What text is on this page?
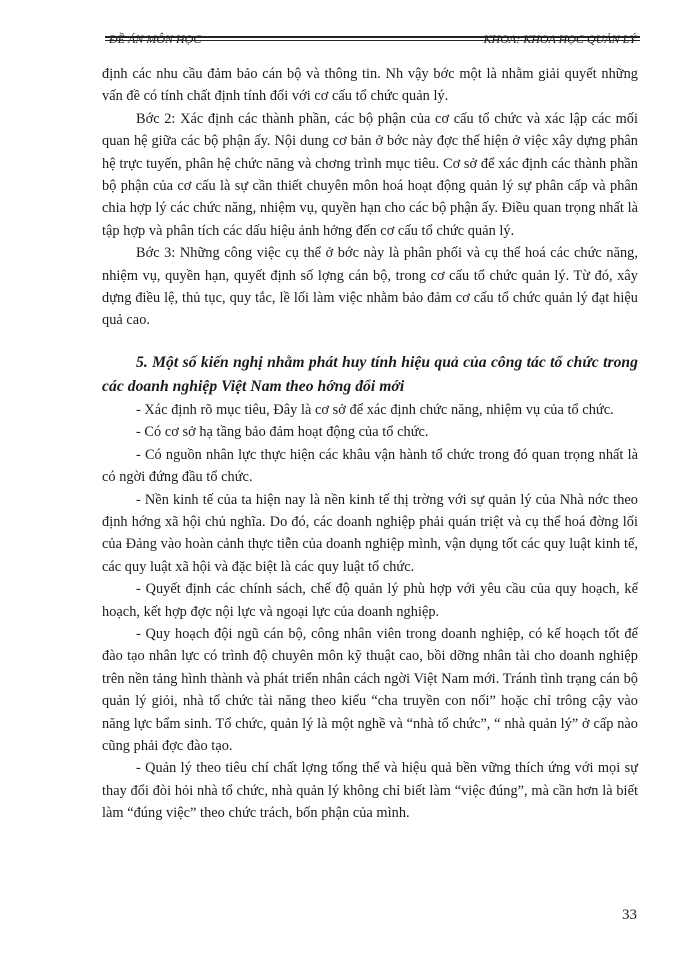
ĐỀ ÁN MÔN HỌC	KHOA: KHOA HỌC QUẢN LÝ

định các nhu cầu đảm bảo cán bộ và thông tin. Nh vậy bớc một là nhằm giải quyết những vấn đề có tính chất định tính đối với cơ cấu tổ chức quản lý.

Bớc 2: Xác định các thành phần, các bộ phận của cơ cấu tổ chức và xác lập các mối quan hệ giữa các bộ phận ấy. Nội dung cơ bản ở bớc này đợc thể hiện ở việc xây dựng phân hệ trực tuyến, phân hệ chức năng và chơng trình mục tiêu. Cơ sở để xác định các thành phần bộ phận của cơ cấu là sự cần thiết chuyên môn hoá hoạt động quản lý sự phân cấp và phân chia hợp lý các chức năng, nhiệm vụ, quyền hạn cho các bộ phận ấy. Điều quan trọng nhất là tập hợp và phân tích các dấu hiệu ảnh hởng đến cơ cấu tổ chức quản lý.

Bớc 3: Những công việc cụ thể ở bớc này là phân phối và cụ thể hoá các chức năng, nhiệm vụ, quyền hạn, quyết định số lợng cán bộ, trong cơ cấu tổ chức quản lý. Từ đó, xây dựng điều lệ, thủ tục, quy tắc, lề lối làm việc nhằm bảo đảm cơ cấu tổ chức quản lý đạt hiệu quả cao.

5. Một số kiến nghị nhằm phát huy tính hiệu quả của công tác tổ chức trong các doanh nghiệp Việt Nam theo hớng đổi mới

- Xác định rõ mục tiêu, Đây là cơ sở để xác định chức năng, nhiệm vụ của tổ chức.

- Có cơ sở hạ tầng bảo đảm hoạt động của tổ chức.

- Có nguồn nhân lực thực hiện các khâu vận hành tổ chức trong đó quan trọng nhất là có ngời đứng đầu tổ chức.

- Nền kinh tế của ta hiện nay là nền kinh tế thị trờng với sự quản lý của Nhà nớc theo định hớng xã hội chủ nghĩa. Do đó, các doanh nghiệp phải quán triệt và cụ thể hoá đờng lối của Đảng vào hoàn cảnh thực tiễn của doanh nghiệp mình, vận dụng tốt các quy luật kinh tế, các quy luật xã hội và đặc biệt là các quy luật tổ chức.

- Quyết định các chính sách, chế độ quản lý phù hợp với yêu cầu của quy hoạch, kế hoạch, kết hợp đợc nội lực và ngoại lực của doanh nghiệp.

- Quy hoạch đội ngũ cán bộ, công nhân viên trong doanh nghiệp, có kế hoạch tốt để đào tạo nhân lực có trình độ chuyên môn kỹ thuật cao, bồi dỡng nhân tài cho doanh nghiệp trên nền tảng hình thành và phát triển nhân cách ngời Việt Nam mới. Tránh tình trạng cán bộ quản lý giỏi, nhà tổ chức tài năng theo kiểu “cha truyền con nối” hoặc chỉ trông cậy vào năng lực bẩm sinh. Tổ chức, quản lý là một nghề và “nhà tổ chức”, “ nhà quản lý” ở cấp nào cũng phải đợc đào tạo.

- Quản lý theo tiêu chí chất lợng tổng thể và hiệu quả bền vững thích ứng với mọi sự thay đổi đòi hỏi nhà tổ chức, nhà quản lý không chỉ biết làm “việc đúng”, mà cần hơn là biết làm “đúng việc” theo chức trách, bổn phận của mình.

33
